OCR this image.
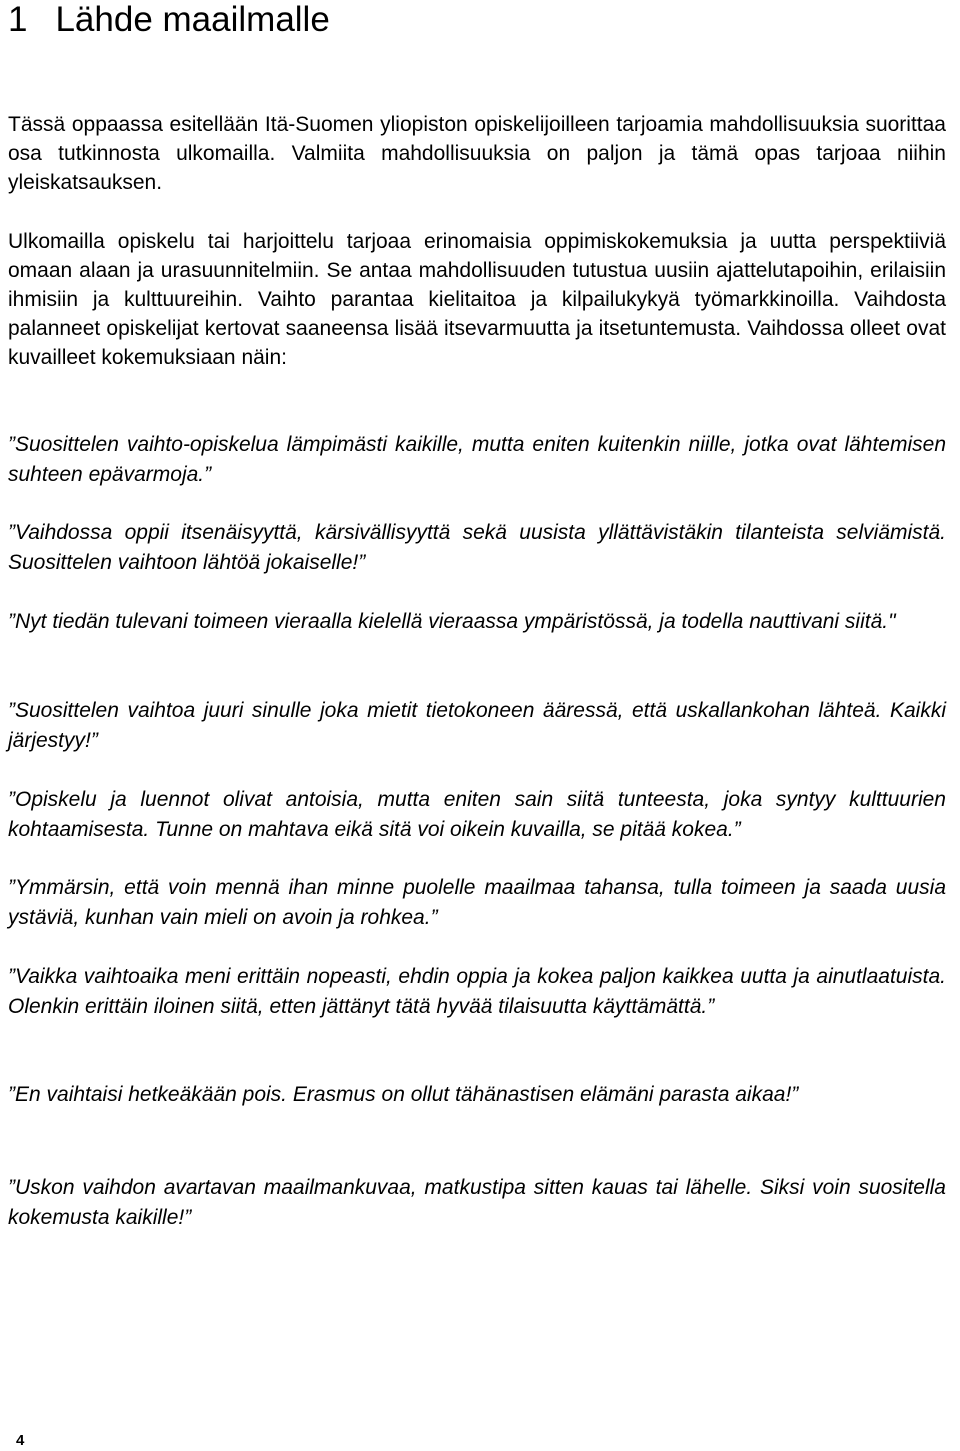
1 Lähde maailmalle

Tässä oppaassa esitellään Itä-Suomen yliopiston opiskelijoilleen tarjoamia mahdollisuuksia suorittaa osa tutkinnosta ulkomailla. Valmiita mahdollisuuksia on paljon ja tämä opas tarjoaa niihin yleiskatsauksen.

Ulkomailla opiskelu tai harjoittelu tarjoaa erinomaisia oppimiskokemuksia ja uutta perspektiiviä omaan alaan ja urasuunnitelmiin. Se antaa mahdollisuuden tutustua uusiin ajattelutapoihin, erilaisiin ihmisiin ja kulttuureihin. Vaihto parantaa kielitaitoa ja kilpailukykyä työmarkkinoilla. Vaihdosta palanneet opiskelijat kertovat saaneensa lisää itsevarmuutta ja itsetuntemusta. Vaihdossa olleet ovat kuvailleet kokemuksiaan näin:

”Suosittelen vaihto-opiskelua lämpimästi kaikille, mutta eniten kuitenkin niille, jotka ovat lähtemisen suhteen epävarmoja.”

”Vaihdossa oppii itsenäisyyttä, kärsivällisyyttä sekä uusista yllättävistäkin tilanteista selviämistä. Suosittelen vaihtoon lähtöä jokaiselle!”

”Nyt tiedän tulevani toimeen vieraalla kielellä vieraassa ympäristössä, ja todella nauttivani siitä."

”Suosittelen vaihtoa juuri sinulle joka mietit tietokoneen ääressä, että uskallankohan lähteä. Kaikki järjestyy!”

”Opiskelu ja luennot olivat antoisia, mutta eniten sain siitä tunteesta, joka syntyy kulttuurien kohtaamisesta. Tunne on mahtava eikä sitä voi oikein kuvailla, se pitää kokea.”

”Ymmärsin, että voin mennä ihan minne puolelle maailmaa tahansa, tulla toimeen ja saada uusia ystäviä, kunhan vain mieli on avoin ja rohkea.”

”Vaikka vaihtoaika meni erittäin nopeasti, ehdin oppia ja kokea paljon kaikkea uutta ja ainutlaatuista. Olenkin erittäin iloinen siitä, etten jättänyt tätä hyvää tilaisuutta käyttämättä.”

”En vaihtaisi hetkeäkään pois. Erasmus on ollut tähänastisen elämäni parasta aikaa!”

”Uskon vaihdon avartavan maailmankuvaa, matkustipa sitten kauas tai lähelle. Siksi voin suositella kokemusta kaikille!”

4
